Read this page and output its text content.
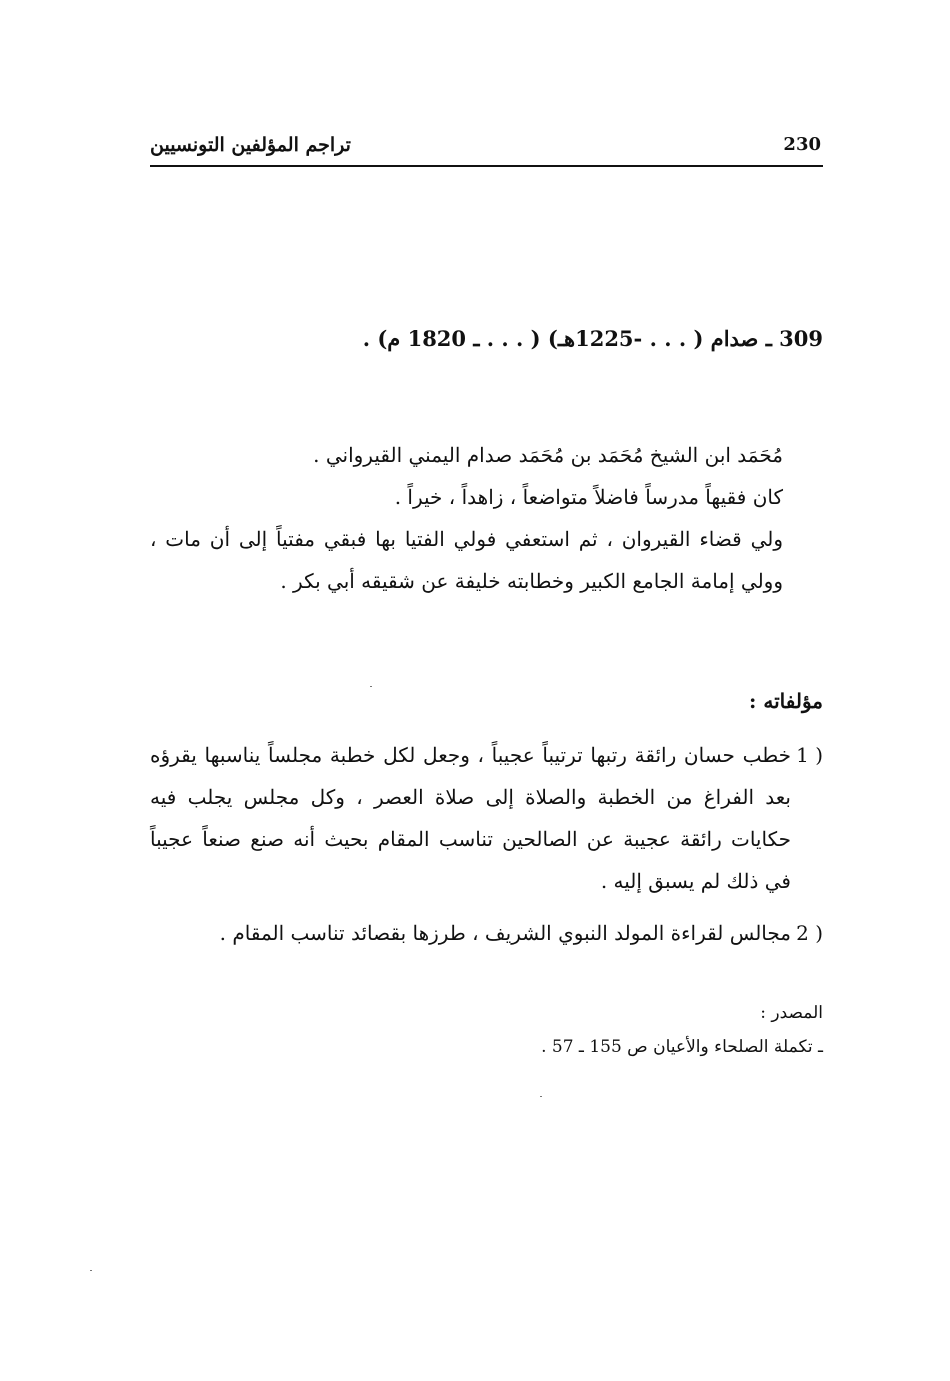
تراجم المؤلفين التونسيين	230
309 ـ صدام ( . . . -1225هـ) ( . . . ـ 1820 م) .

مُحَمَد ابن الشيخ مُحَمَد بن مُحَمَد صدام اليمني القيرواني .

كان فقيهاً مدرساً فاضلاً متواضعاً ، زاهداً ، خيراً .

ولي قضاء القيروان ، ثم استعفي فولي الفتيا بها فبقي مفتياً إلى أن مات ، وولي إمامة الجامع الكبير وخطابته خليفة عن شقيقه أبي بكر .

مؤلفاته :
1 )
خطب حسان رائقة رتبها ترتيباً عجيباً ، وجعل لكل خطبة مجلساً يناسبها يقرؤه بعد الفراغ من الخطبة والصلاة إلى صلاة العصر ، وكل مجلس يجلب فيه حكايات رائقة عجيبة عن الصالحين تناسب المقام بحيث أنه صنع صنعاً عجيباً في ذلك لم يسبق إليه .
2 )
مجالس لقراءة المولد النبوي الشريف ، طرزها بقصائد تناسب المقام .

المصدر :

ـ تكملة الصلحاء والأعيان ص 155 ـ 57 .
